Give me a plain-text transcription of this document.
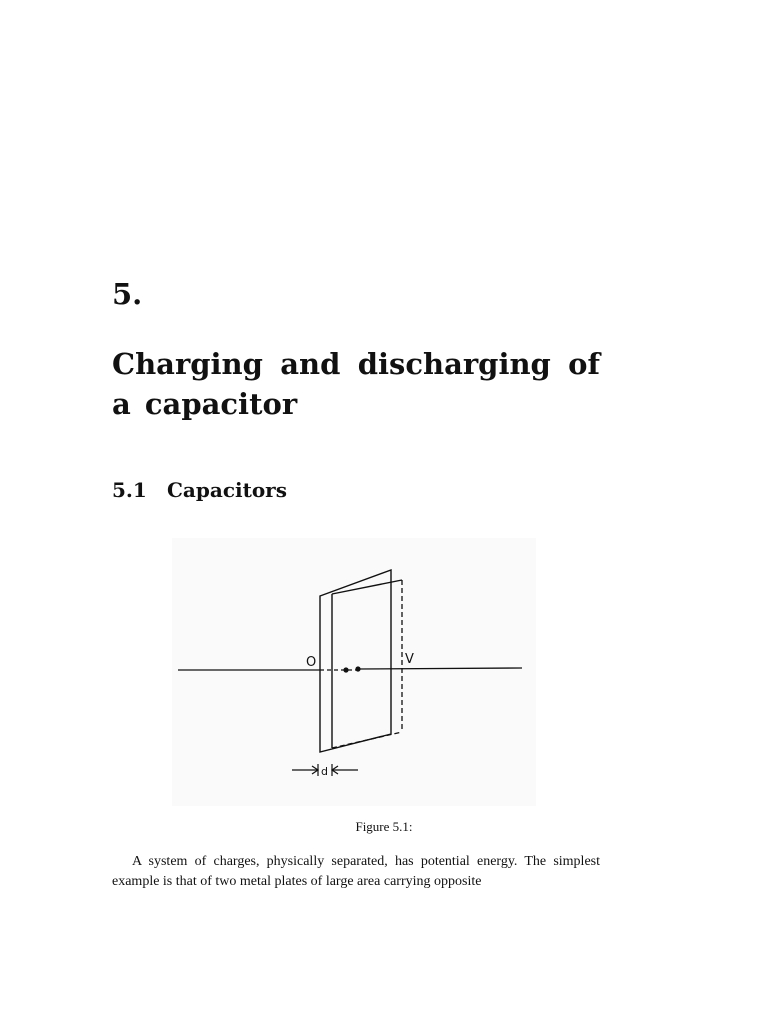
5.
Charging and discharging of a capacitor
5.1	Capacitors
O	V
d

Figure 5.1:

A system of charges, physically separated, has potential energy. The simplest example is that of two metal plates of large area carrying opposite
